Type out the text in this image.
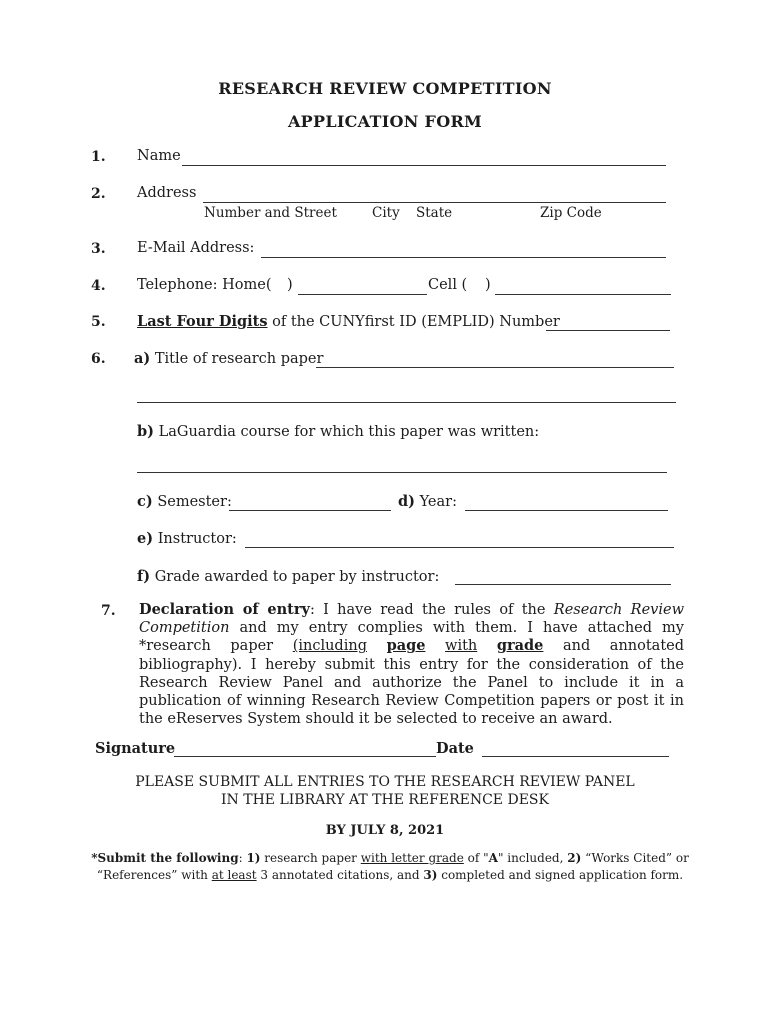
RESEARCH REVIEW COMPETITION
APPLICATION FORM
1. Name
2. Address
Number and Street	City State	Zip Code
3. E-Mail Address:
4. Telephone: Home( )	Cell ( )
5. Last Four Digits of the CUNYfirst ID (EMPLID) Number
6. a) Title of research paper
b) LaGuardia course for which this paper was written:
c) Semester:	d) Year:
e) Instructor:
f) Grade awarded to paper by instructor:
7. Declaration of entry: I have read the rules of the Research Review Competition and my entry complies with them. I have attached my *research paper (including page with grade and annotated bibliography). I hereby submit this entry for the consideration of the Research Review Panel and authorize the Panel to include it in a publication of winning Research Review Competition papers or post it in the eReserves System should it be selected to receive an award.
Signature	Date
PLEASE SUBMIT ALL ENTRIES TO THE RESEARCH REVIEW PANEL
IN THE LIBRARY AT THE REFERENCE DESK
BY JULY 8, 2021
*Submit the following: 1) research paper with letter grade of "A" included, 2) “Works Cited” or “References” with at least 3 annotated citations, and 3) completed and signed application form.
